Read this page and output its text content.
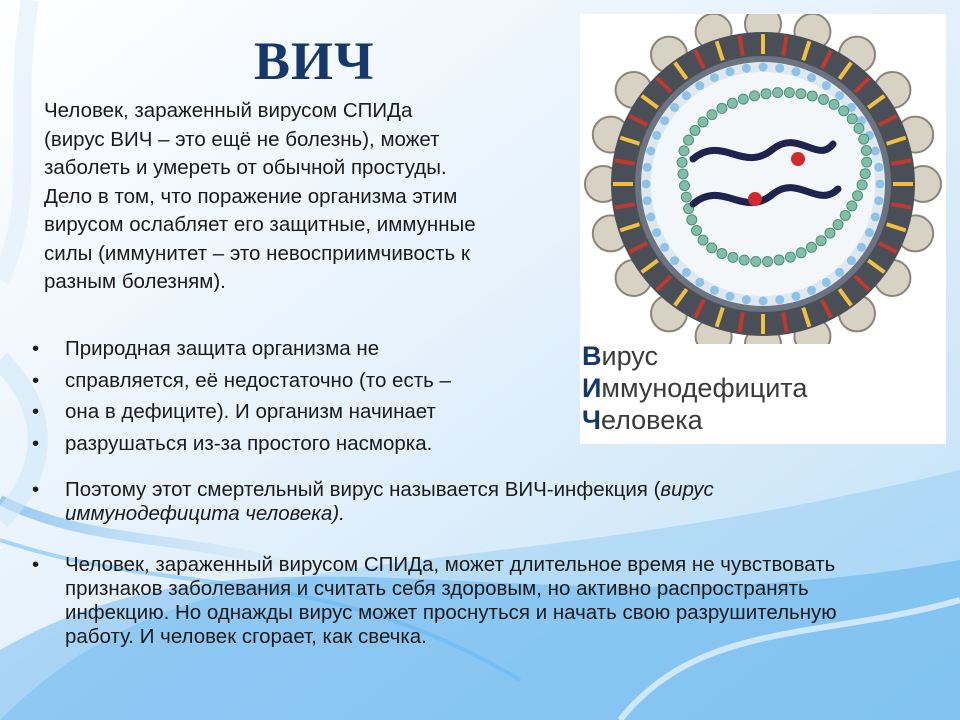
ВИЧ

Человек, зараженный вирусом СПИДа
(вирус ВИЧ – это ещё не болезнь), может
заболеть и умереть от обычной простуды.
Дело в том, что поражение организма этим
вирусом ослабляет его защитные, иммунные
силы (иммунитет – это невосприимчивость к
разным болезням).

• Природная защита организма не
• справляется, её недостаточно (то есть –
• она в дефиците). И организм начинает
• разрушаться из-за простого насморка.
• Поэтому этот смертельный вирус называется ВИЧ-инфекция (вирус иммунодефицита человека).
• Человек, зараженный вирусом СПИДа, может длительное время не чувствовать признаков заболевания и считать себя здоровым, но активно распространять инфекцию. Но однажды вирус может проснуться и начать свою разрушительную работу. И человек сгорает, как свечка.
Вирус
Иммунодефицита
Человека
